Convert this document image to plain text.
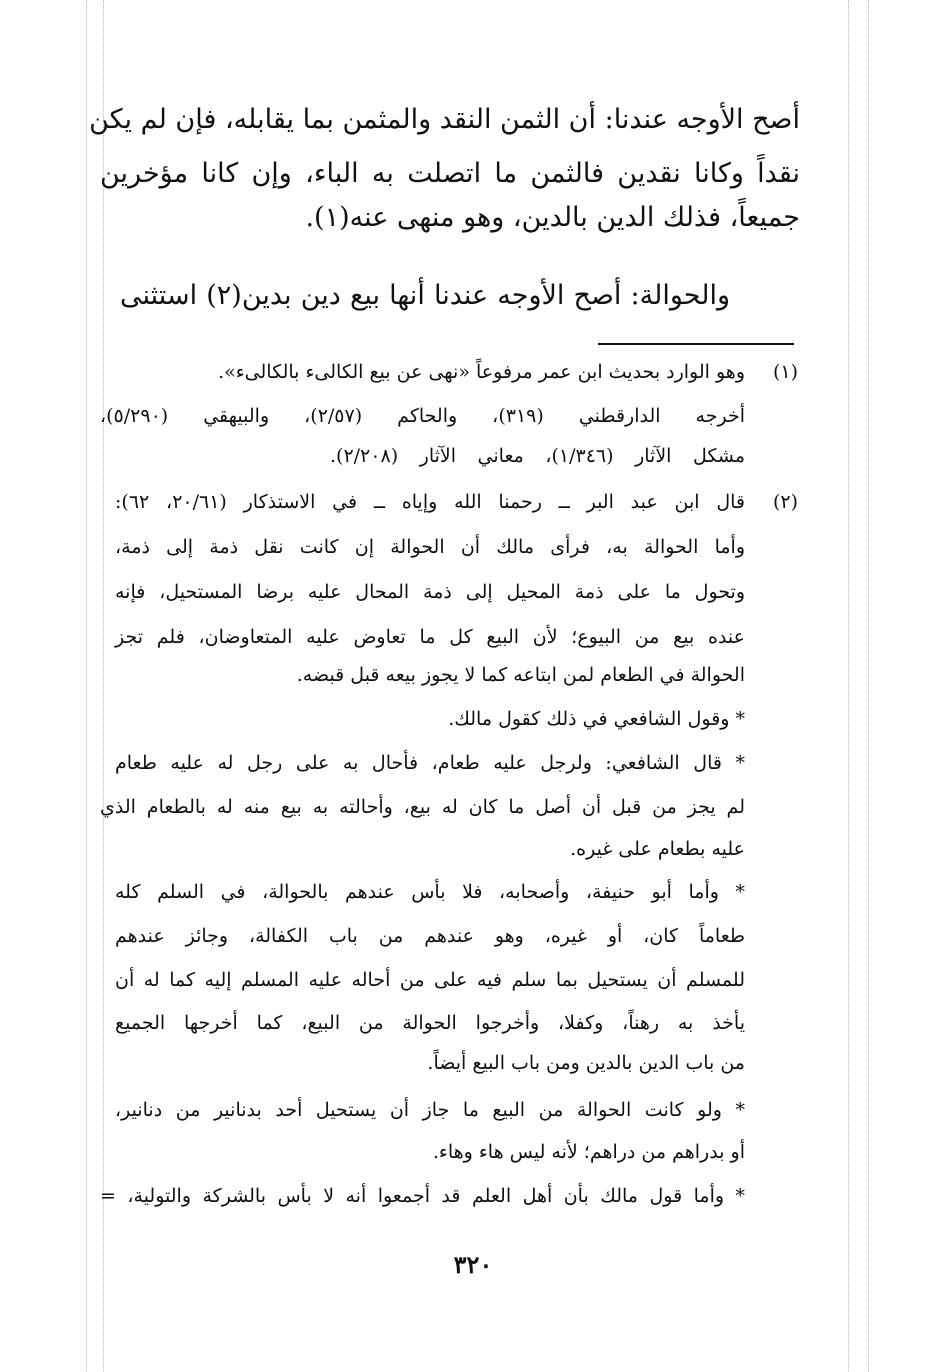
أصح الأوجه عندنا: أن الثمن النقد والمثمن بما يقابله، فإن لم يكن
نقداً وكانا نقدين فالثمن ما اتصلت به الباء، وإن كانا مؤخرين
جميعاً، فذلك الدين بالدين، وهو منهى عنه(١).
والحوالة: أصح الأوجه عندنا أنها بيع دين بدين(٢) استثنى
(١)
وهو الوارد بحديث ابن عمر مرفوعاً «نهى عن بيع الكالىء بالكالىء».
أخرجه الدارقطني (٣١٩)، والحاكم (٢/٥٧)، والبيهقي (٥/٢٩٠)،
مشكل الآثار (١/٣٤٦)، معاني الآثار (٢/٢٠٨).
(٢)
قال ابن عبد البر ــ رحمنا الله وإياه ــ في الاستذكار (٢٠/٦١، ٦٢):
وأما الحوالة به، فرأى مالك أن الحوالة إن كانت نقل ذمة إلى ذمة،
وتحول ما على ذمة المحيل إلى ذمة المحال عليه برضا المستحيل، فإنه
عنده بيع من البيوع؛ لأن البيع كل ما تعاوض عليه المتعاوضان، فلم تجز
الحوالة في الطعام لمن ابتاعه كما لا يجوز بيعه قبل قبضه.
* وقول الشافعي في ذلك كقول مالك.
* قال الشافعي: ولرجل عليه طعام، فأحال به على رجل له عليه طعام
لم يجز من قبل أن أصل ما كان له بيع، وأحالته به بيع منه له بالطعام الذي
عليه بطعام على غيره.
* وأما أبو حنيفة، وأصحابه، فلا بأس عندهم بالحوالة، في السلم كله
طعاماً كان، أو غيره، وهو عندهم من باب الكفالة، وجائز عندهم
للمسلم أن يستحيل بما سلم فيه على من أحاله عليه المسلم إليه كما له أن
يأخذ به رهناً، وكفلا، وأخرجوا الحوالة من البيع، كما أخرجها الجميع
من باب الدين بالدين ومن باب البيع أيضاً.
* ولو كانت الحوالة من البيع ما جاز أن يستحيل أحد بدنانير من دنانير،
أو بدراهم من دراهم؛ لأنه ليس هاء وهاء.
* وأما قول مالك بأن أهل العلم قد أجمعوا أنه لا بأس بالشركة والتولية، =
٣٢٠
